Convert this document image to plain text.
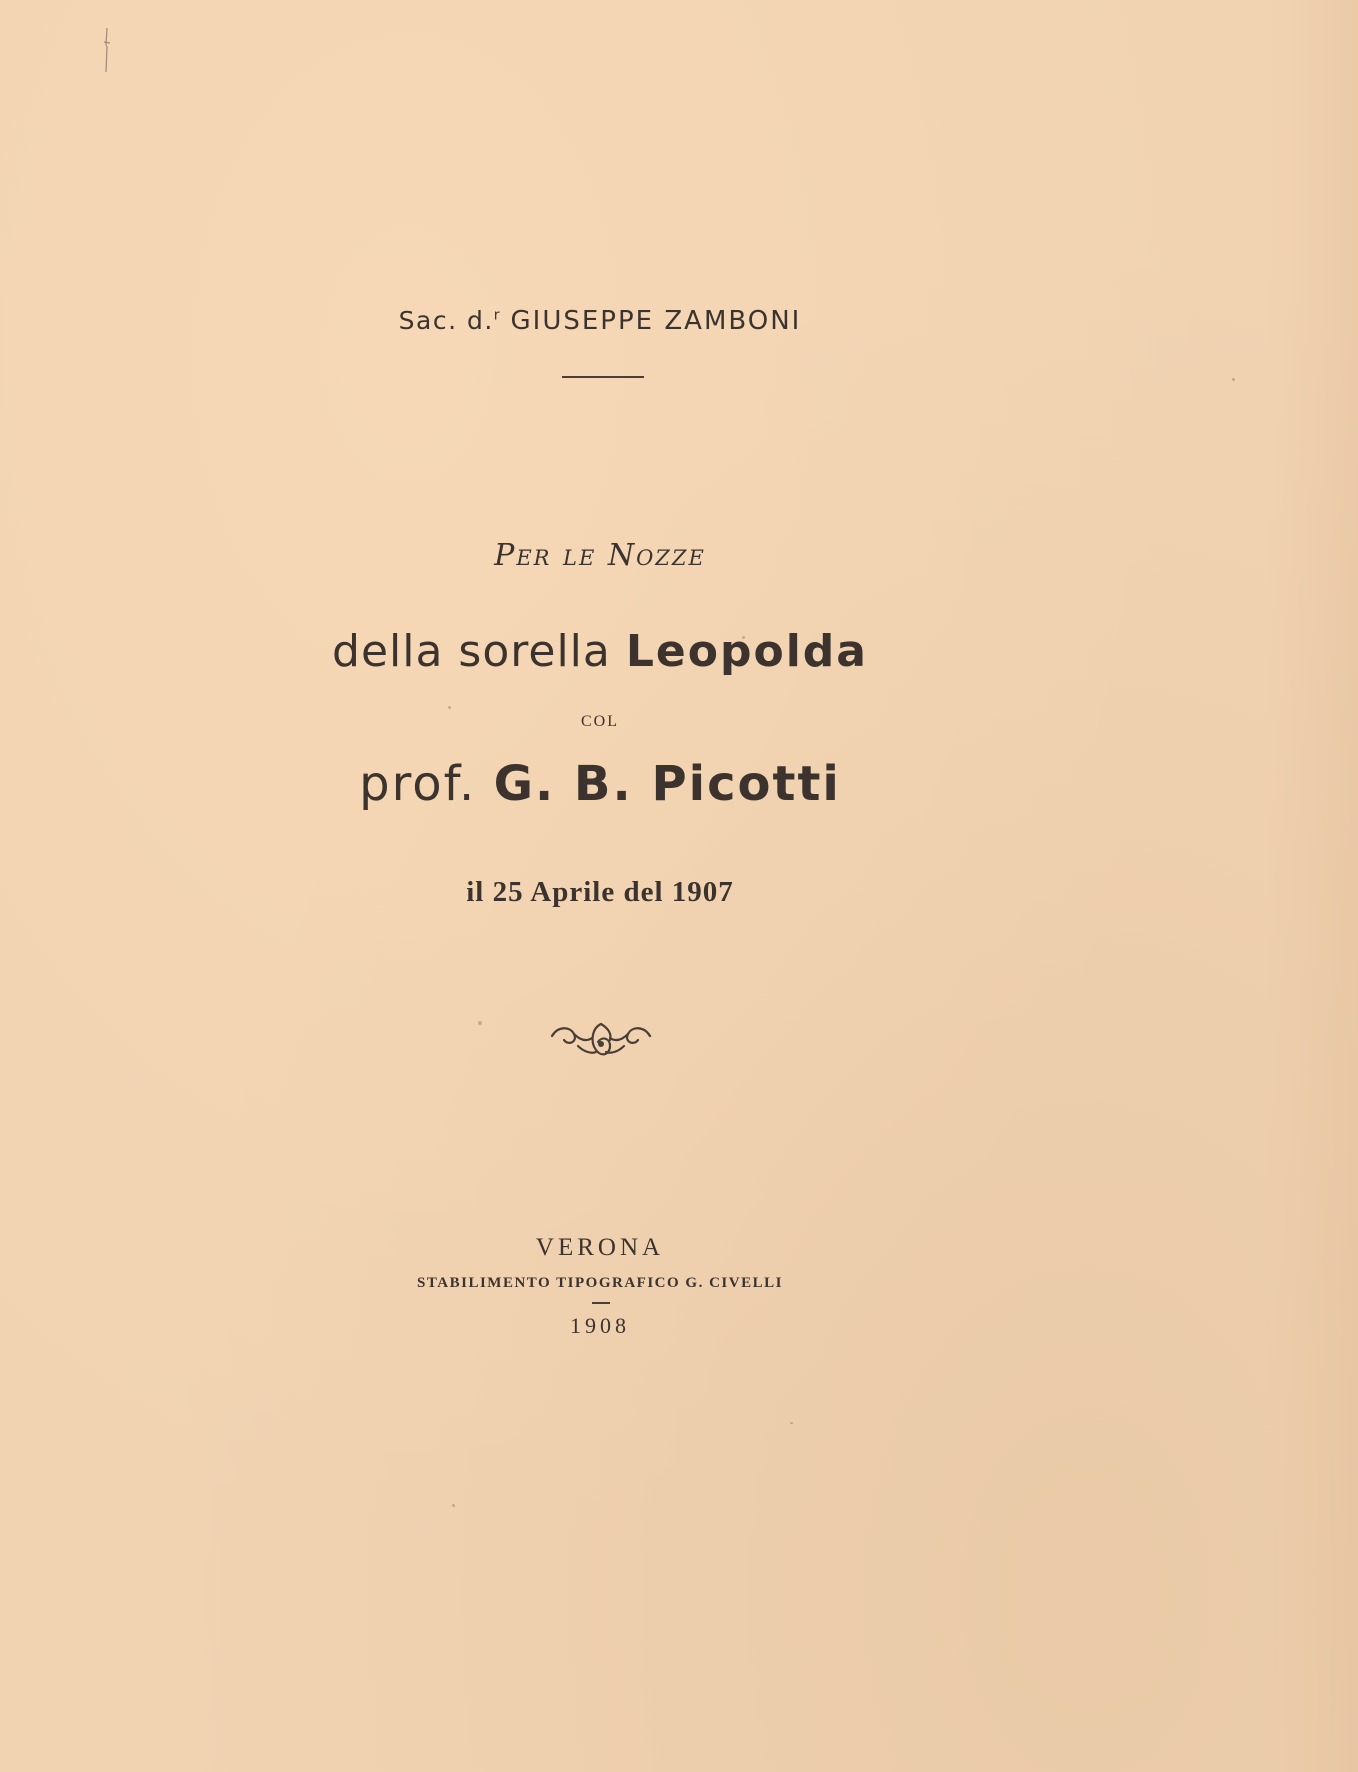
Sac. d.$^r$ GIUSEPPE ZAMBONI
Per le Nozze
della sorella Leopolda
COL
prof. G. B. Picotti
il 25 Aprile del 1907
VERONA
STABILIMENTO TIPOGRAFICO G. CIVELLI
1908
